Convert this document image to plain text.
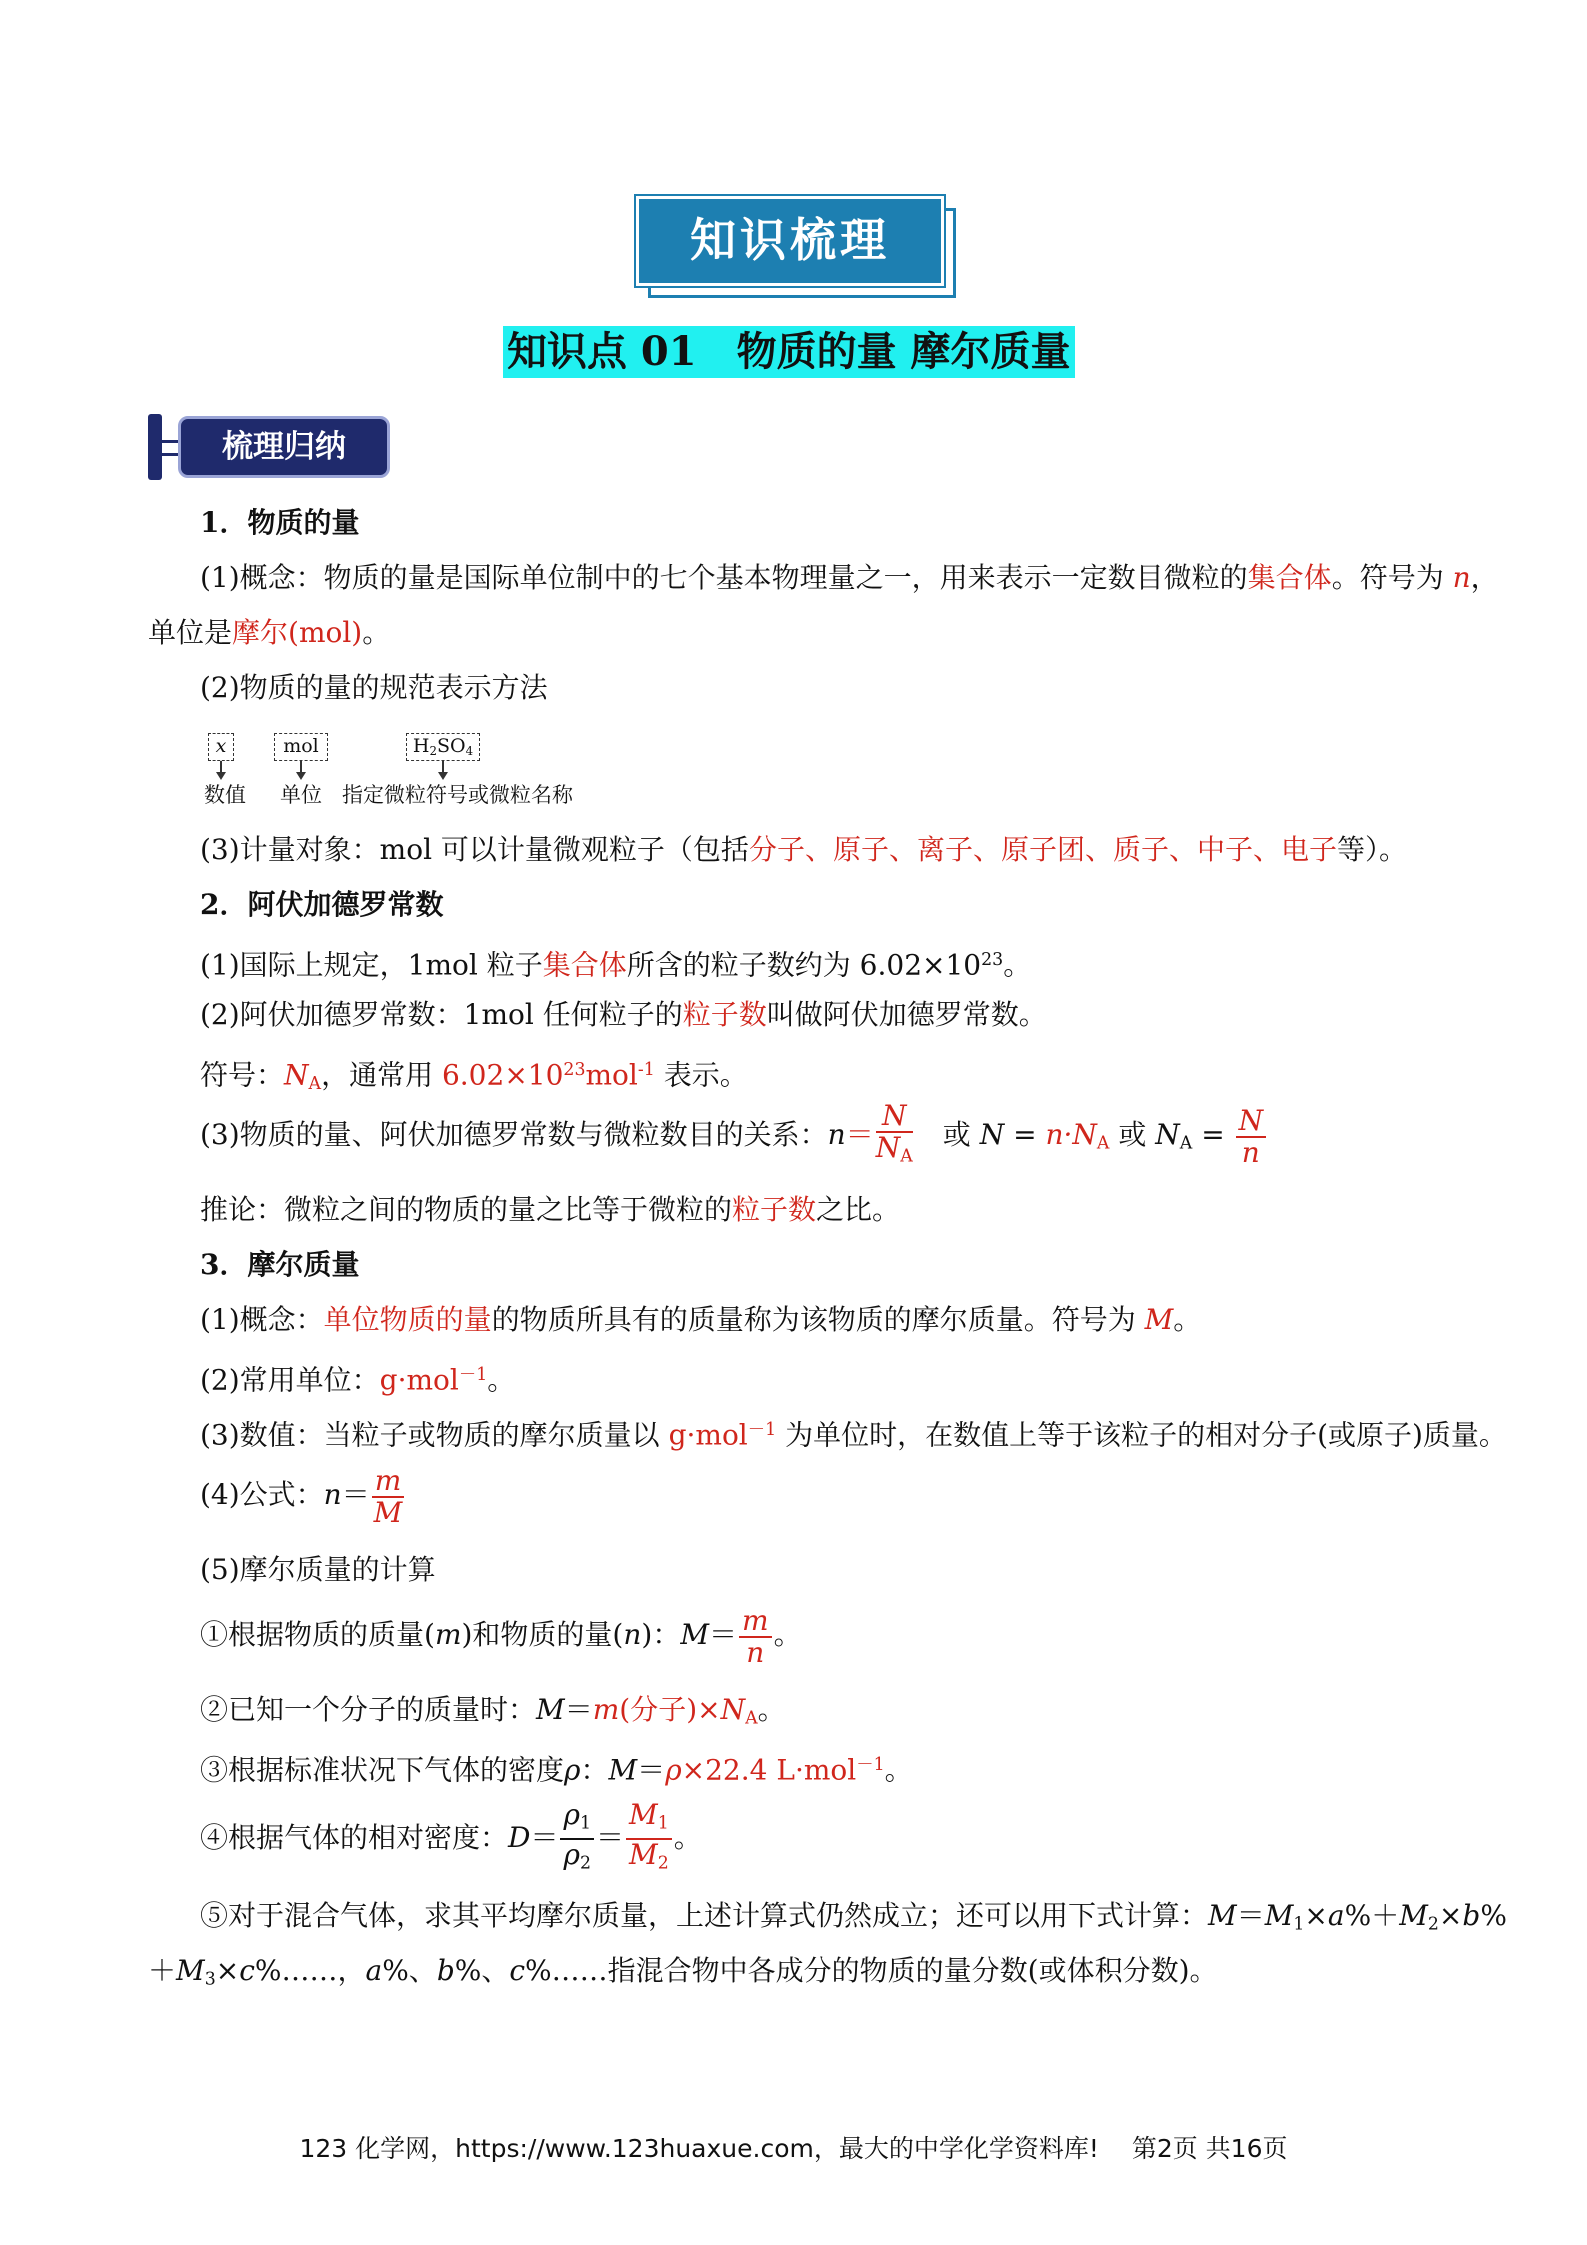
知识梳理
知识点 01　物质的量 摩尔质量
梳理归纳
1．物质的量
(1)概念：物质的量是国际单位制中的七个基本物理量之一，用来表示一定数目微粒的集合体。符号为 n，
单位是摩尔(mol)。
(2)物质的量的规范表示方法
x	mol	$H_2SO_4$
数值 单位 指定微粒符号或微粒名称
(3)计量对象：mol 可以计量微观粒子（包括分子、原子、离子、原子团、质子、中子、电子等）。
2．阿伏加德罗常数
(1)国际上规定，1mol 粒子集合体所含的粒子数约为 $6.02\times 10^{23}$。
(2)阿伏加德罗常数：1mol 任何粒子的粒子数叫做阿伏加德罗常数。
符号：$N_A$，通常用 $6.02\times 10^{23}mol^{-1}$ 表示。
(3)物质的量、阿伏加德罗常数与微粒数目的关系：$n= \frac{N}{N_A}$ 　或 $N = n\cdot N_A$ 或 $N_A = \frac{N}{n}$
推论：微粒之间的物质的量之比等于微粒的粒子数之比。
3．摩尔质量
(1)概念：单位物质的量的物质所具有的质量称为该物质的摩尔质量。符号为 M。
(2)常用单位：g·mol$^{-1}$。
(3)数值：当粒子或物质的摩尔质量以 g·mol$^{-1}$ 为单位时，在数值上等于该粒子的相对分子(或原子)质量。
(4)公式：$n= \frac{m}{M}$
(5)摩尔质量的计算
①根据物质的质量(m)和物质的量(n)：$M= \frac{m}{n}$ 。
②已知一个分子的质量时：M＝m(分子)$\times N_A$。
③根据标准状况下气体的密度ρ：M＝ρ×22.4 L·mol$^{-1}$。
④根据气体的相对密度：$D= \frac{\rho_1}{\rho_2} = \frac{M_1}{M_2}$ 。
⑤对于混合气体，求其平均摩尔质量，上述计算式仍然成立；还可以用下式计算：$M=M_1\times a\%+M_2\times b\%$
$+M_3\times c\%\dots\dots$，a%、b%、c%……指混合物中各成分的物质的量分数(或体积分数)。
123 化学网，https://www.123huaxue.com，最大的中学化学资料库!　 第2页 共16页
